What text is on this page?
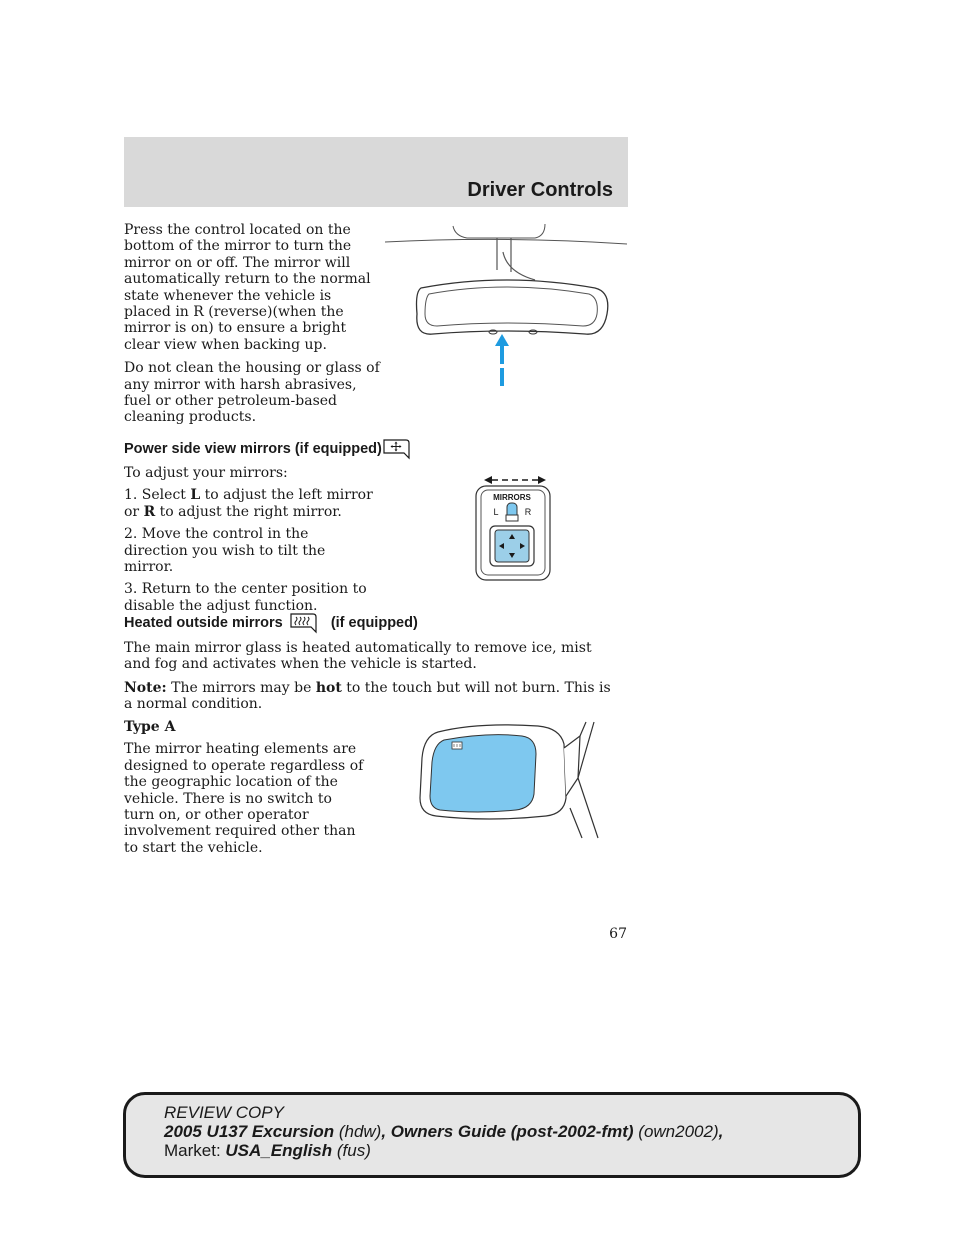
Driver Controls

Press the control located on the bottom of the mirror to turn the mirror on or off. The mirror will automatically return to the normal state whenever the vehicle is placed in R (reverse)(when the mirror is on) to ensure a bright clear view when backing up.

Do not clean the housing or glass of any mirror with harsh abrasives, fuel or other petroleum-based cleaning products.

Power side view mirrors (if equipped)

To adjust your mirrors:

1. Select L to adjust the left mirror or R to adjust the right mirror.

2. Move the control in the direction you wish to tilt the mirror.

3. Return to the center position to disable the adjust function.

MIRRORS
L	R
Heated outside mirrors	(if equipped)

The main mirror glass is heated automatically to remove ice, mist and fog and activates when the vehicle is started.

Note: The mirrors may be hot to the touch but will not burn. This is a normal condition.

Type A

The mirror heating elements are designed to operate regardless of the geographic location of the vehicle. There is no switch to turn on, or other operator involvement required other than to start the vehicle.

67
REVIEW COPY
2005 U137 Excursion (hdw), Owners Guide (post-2002-fmt) (own2002),
Market: USA_English (fus)
